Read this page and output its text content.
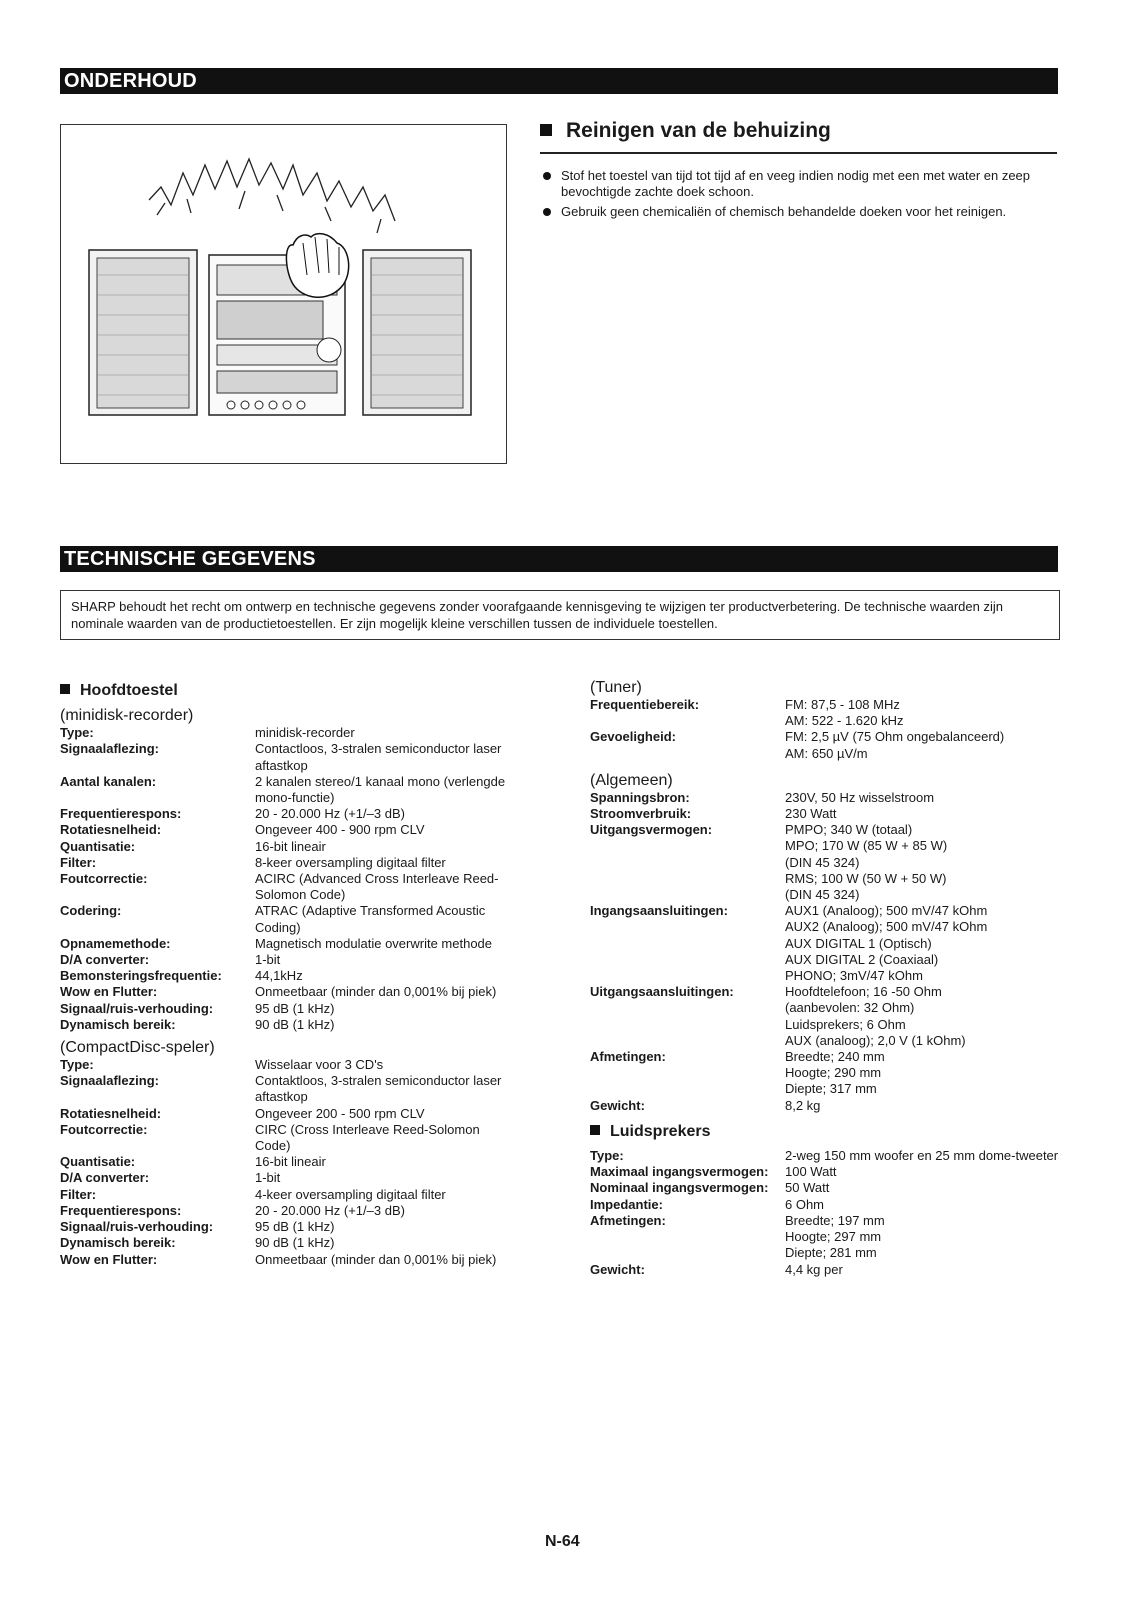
ONDERHOUD
Reinigen van de behuizing
Stof het toestel van tijd tot tijd af en veeg indien nodig met een met water en zeep bevochtigde zachte doek schoon.
Gebruik geen chemicaliën of chemisch behandelde doeken voor het reinigen.
TECHNISCHE GEGEVENS
SHARP behoudt het recht om ontwerp en technische gegevens zonder voorafgaande kennisgeving te wijzigen ter productverbetering. De technische waarden zijn nominale waarden van de productietoestellen. Er zijn mogelijk kleine verschillen tussen de individuele toestellen.
Hoofdtoestel
(minidisk-recorder)
Type:	minidisk-recorder
Signaalaflezing:	Contactloos, 3-stralen semiconductor laser aftastkop
Aantal kanalen:	2 kanalen stereo/1 kanaal mono (verlengde mono-functie)
Frequentierespons:	20 - 20.000 Hz (+1/–3 dB)
Rotatiesnelheid:	Ongeveer 400 - 900 rpm CLV
Quantisatie:	16-bit lineair
Filter:	8-keer oversampling digitaal filter
Foutcorrectie:	ACIRC (Advanced Cross Interleave Reed-Solomon Code)
Codering:	ATRAC (Adaptive Transformed Acoustic Coding)
Opnamemethode:	Magnetisch modulatie overwrite methode
D/A converter:	1-bit
Bemonsteringsfrequentie:	44,1kHz
Wow en Flutter:	Onmeetbaar (minder dan 0,001% bij piek)
Signaal/ruis-verhouding:	95 dB (1 kHz)
Dynamisch bereik:	90 dB (1 kHz)
(CompactDisc-speler)
Type:	Wisselaar voor 3 CD's
Signaalaflezing:	Contaktloos, 3-stralen semiconductor laser aftastkop
Rotatiesnelheid:	Ongeveer 200 - 500 rpm CLV
Foutcorrectie:	CIRC (Cross Interleave Reed-Solomon Code)
Quantisatie:	16-bit lineair
D/A converter:	1-bit
Filter:	4-keer oversampling digitaal filter
Frequentierespons:	20 - 20.000 Hz (+1/–3 dB)
Signaal/ruis-verhouding:	95 dB (1 kHz)
Dynamisch bereik:	90 dB (1 kHz)
Wow en Flutter:	Onmeetbaar (minder dan 0,001% bij piek)
(Tuner)
Frequentiebereik:	FM: 87,5 - 108 MHz
AM: 522 - 1.620 kHz
Gevoeligheid:	FM: 2,5 µV (75 Ohm ongebalanceerd)
AM: 650 µV/m
(Algemeen)
Spanningsbron:	230V, 50 Hz wisselstroom
Stroomverbruik:	230 Watt
Uitgangsvermogen:	PMPO; 340 W (totaal)
MPO; 170 W (85 W + 85 W)
(DIN 45 324)
RMS; 100 W (50 W + 50 W)
(DIN 45 324)
Ingangsaansluitingen:	AUX1 (Analoog); 500 mV/47 kOhm
AUX2 (Analoog); 500 mV/47 kOhm
AUX DIGITAL 1 (Optisch)
AUX DIGITAL 2 (Coaxiaal)
PHONO; 3mV/47 kOhm
Uitgangsaansluitingen:	Hoofdtelefoon; 16 -50 Ohm
(aanbevolen: 32 Ohm)
Luidsprekers; 6 Ohm
AUX (analoog); 2,0 V (1 kOhm)
Afmetingen:	Breedte; 240 mm
Hoogte; 290 mm
Diepte; 317 mm
Gewicht:	8,2 kg
Luidsprekers
Type:	2-weg 150 mm woofer en 25 mm dome-tweeter
Maximaal ingangsvermogen:	100 Watt
Nominaal ingangsvermogen:	50 Watt
Impedantie:	6 Ohm
Afmetingen:	Breedte; 197 mm
Hoogte; 297 mm
Diepte; 281 mm
Gewicht:	4,4 kg per
N-64
